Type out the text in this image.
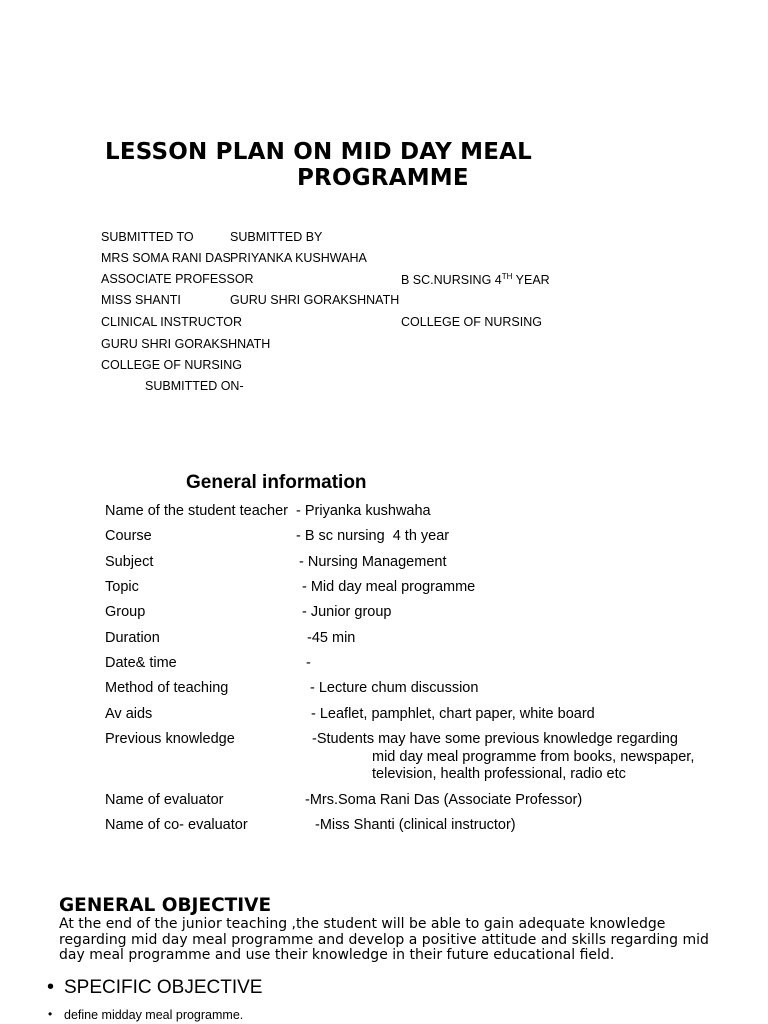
LESSON PLAN ON MID DAY MEAL
PROGRAMME
SUBMITTED TO	SUBMITTED BY
MRS SOMA RANI DAS PRIYANKA KUSHWAHA
ASSOCIATE PROFESSOR	B SC.NURSING 4TH YEAR
MISS SHANTI	GURU SHRI GORAKSHNATH
CLINICAL INSTRUCTOR	COLLEGE OF NURSING
GURU SHRI GORAKSHNATH
COLLEGE OF NURSING
SUBMITTED ON-
General information
Name of the student teacher - Priyanka kushwaha
Course	- B sc nursing  4 th year
Subject	- Nursing Management
Topic	- Mid day meal programme
Group	- Junior group
Duration	-45 min
Date& time	-
Method of teaching	- Lecture chum discussion
Av aids	- Leaflet, pamphlet, chart paper, white board
Previous knowledge	-Students may have some previous knowledge regarding
mid day meal programme from books, newspaper,
television, health professional, radio etc
Name of evaluator	-Mrs.Soma Rani Das (Associate Professor)
Name of co- evaluator	-Miss Shanti (clinical instructor)
GENERAL OBJECTIVE
At the end of the junior teaching ,the student will be able to gain adequate knowledge regarding mid day meal programme and develop a positive attitude and skills regarding mid day meal programme and use their knowledge in their future educational field.
• SPECIFIC OBJECTIVE
• define midday meal programme.
